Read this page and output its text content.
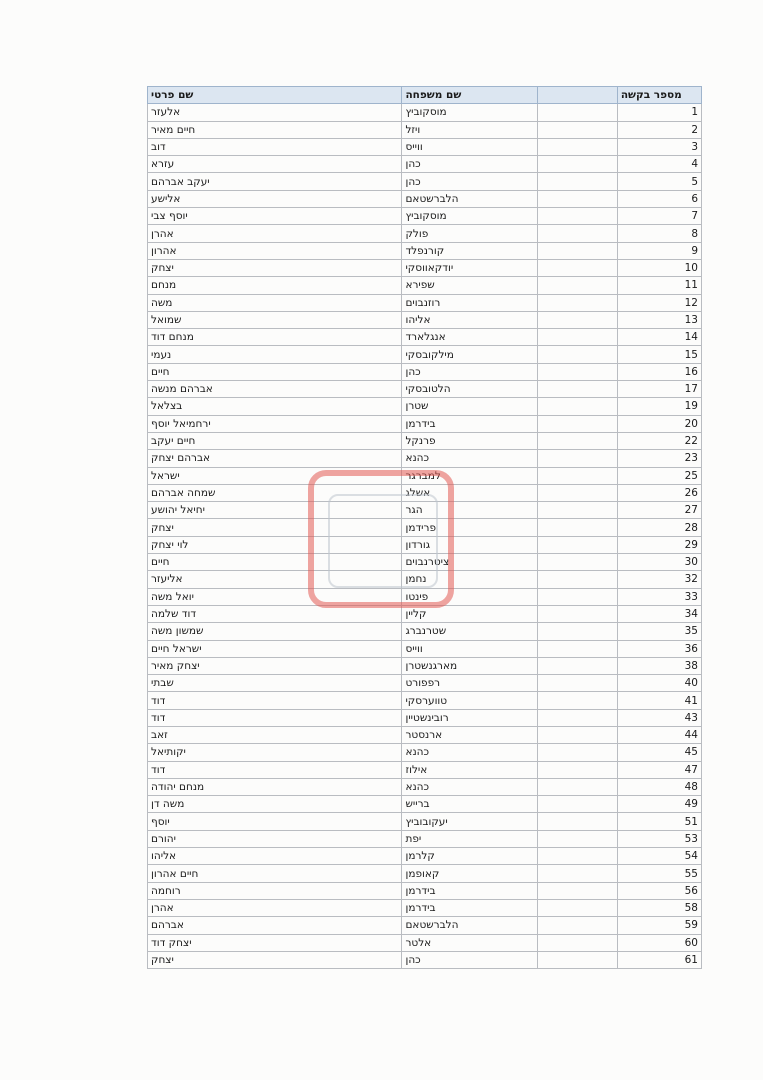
שם פרטי	שם משפחה		מספר בקשה
אלעזר	מוסקוביץ		1
חיים מאיר	ויזל		2
דוב	ווייס		3
עזרא	כהן		4
יעקב אברהם	כהן		5
אלישע	הלברשטאם		6
יוסף צבי	מוסקוביץ		7
אהרן	פולק		8
אהרון	קורנפלד		9
יצחק	יודקאווסקי		10
מנחם	שפירא		11
משה	רוזנבוים		12
שמואל	אליהו		13
מנחם דוד	אנגלארד		14
נעמי	מילקובסקי		15
חיים	כהן		16
אברהם מנשה	הלטובסקי		17
בצלאל	שטרן		19
ירחמיאל יוסף	בידרמן		20
חיים יעקב	פרנקל		22
אברהם יצחק	כהנא		23
ישראל	למברגר		25
שמחה אברהם	אשלג		26
יחיאל יהושע	הגר		27
יצחק	פרידמן		28
לוי יצחק	גורדון		29
חיים	ציטרנבוים		30
אליעזר	נחמן		32
יואל משה	פינטו		33
דוד שלמה	קליין		34
שמשון משה	שטרנברג		35
ישראל חיים	ווייס		36
יצחק מאיר	מארגנשטרן		38
שבתי	רפפורט		40
דוד	טווערסקי		41
דוד	רובינשטיין		43
זאב	ארנסטר		44
יקותיאל	כהנא		45
דוד	אילוז		47
מנחם יהודה	כהנא		48
משה דן	ברייש		49
יוסף	יעקובוביץ		51
יהורם	יפת		53
אליהו	קלרמן		54
חיים אהרון	קאופמן		55
רוחמה	בידרמן		56
אהרן	בידרמן		58
אברהם	הלברשטאם		59
יצחק דוד	אלטר		60
יצחק	כהן		61
